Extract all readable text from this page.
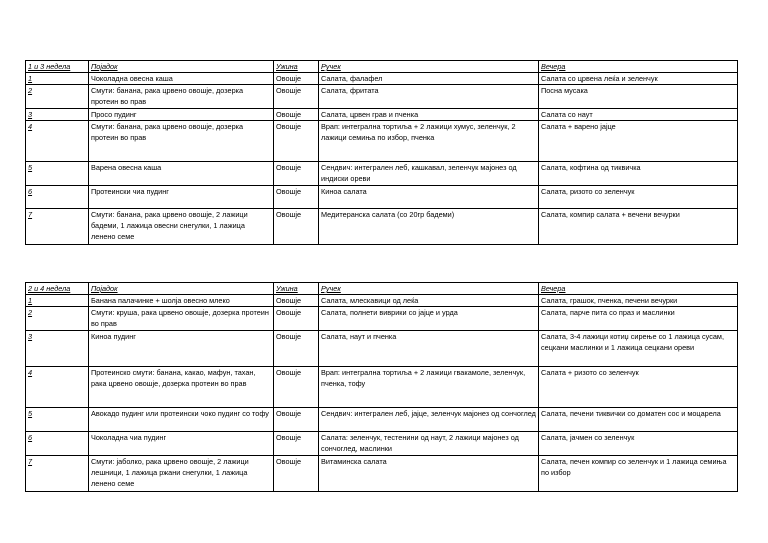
1 и 3 недела	Појадок	Ужина	Ручек	Вечера
1	Чоколадна овесна каша	Овошје	Салата, фалафел	Салата со црвена леќа и зеленчук
2	Смути: банана, рака црвено овошје, дозерка протеин во прав	Овошје	Салата, фритата	Посна мусака
3	Просо пудинг	Овошје	Салата, црвен грав и пченка	Салата со наут
4	Смути: банана, рака црвено овошје, дозерка протеин во прав	Овошје	Врап: интегрална тортиља + 2 лажици хумус, зеленчук, 2 лажици семиња по избор, пченка	Салата + варено јајце
5	Варена овесна каша	Овошје	Сендвич: интегрален леб, кашкавал, зеленчук мајонез од индиски ореви	Салата, кофтина од тиквичка
6	Протеински чиа пудинг	Овошје	Киноа салата	Салата, ризото со зеленчук
7	Смути: банана, рака црвено овошје, 2 лажици бадеми, 1 лажица овесни снегулки, 1 лажица ленено семе	Овошје	Медитеранска салата (со 20гр бадеми)	Салата, компир салата + вечени вечурки
2 и 4 недела	Појадок	Ужина	Ручек	Вечера
1	Банана палачинке + шолја овесно млеко	Овошје	Салата, млескавици од леќа	Салата, грашок, пченка, печени вечурки
2	Смути: круша, рака црвено овошје, дозерка протеин во прав	Овошје	Салата, полнети виврики со јајце и урда	Салата, парче пита со праз и маслинки
3	Киноа пудинг	Овошје	Салата, наут и пченка	Салата, 3-4 лажици котиџ сирење со 1 лажица сусам, сецкани маслинки и 1 лажица сецкани ореви
4	Протеинско смути: банана, какао, мафун, тахан, рака црвено овошје, дозерка протеин во прав	Овошје	Врап: интегрална тортиља + 2 лажици гвакамоле, зеленчук, пченка, тофу	Салата + ризото со зеленчук
5	Авокадо пудинг или протеински чоко пудинг со тофу	Овошје	Сендвич: интегрален леб, јајце, зеленчук мајонез од сончоглед	Салата, печени тиквички со доматен сос и моцарела
6	Чоколадна чиа пудинг	Овошје	Салата: зеленчук, тестенини од наут, 2 лажици мајонез од сончоглед, маслинки	Салата, јачмен со зеленчук
7	Смути: јаболко, рака црвено овошје, 2 лажици лешници, 1 лажица ржани снегулки, 1 лажица ленено семе	Овошје	Витаминска салата	Салата, печен компир со зеленчук и 1 лажица семиња по избор
